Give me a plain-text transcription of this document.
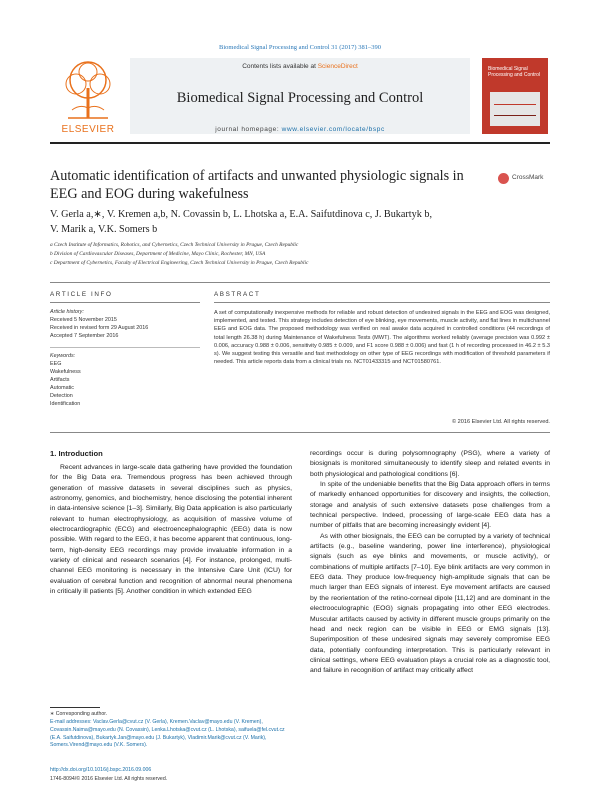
Biomedical Signal Processing and Control 31 (2017) 381–390
ELSEVIER
Contents lists available at ScienceDirect
Biomedical Signal Processing and Control
journal homepage: www.elsevier.com/locate/bspc
Biomedical Signal Processing and Control
Automatic identification of artifacts and unwanted physiologic signals in EEG and EOG during wakefulness
CrossMark
V. Gerla a,∗, V. Kremen a,b, N. Covassin b, L. Lhotska a, E.A. Saifutdinova c, J. Bukartyk b,
V. Marik a, V.K. Somers b
a Czech Institute of Informatics, Robotics, and Cybernetics, Czech Technical University in Prague, Czech Republic
b Division of Cardiovascular Diseases, Department of Medicine, Mayo Clinic, Rochester, MN, USA
c Department of Cybernetics, Faculty of Electrical Engineering, Czech Technical University in Prague, Czech Republic
ARTICLE INFO	ABSTRACT
Article history:
Received 5 November 2015
Received in revised form 29 August 2016
Accepted 7 September 2016
Keywords:
EEG
Wakefulness
Artifacts
Automatic
Detection
Identification
A set of computationally inexpensive methods for reliable and robust detection of undesired signals in the EEG and EOG was designed, implemented, and tested. This strategy includes detection of eye blinking, eye movements, muscle activity, and flat lines in multichannel EEG and EOG data. The proposed methodology was verified on real awake data acquired in controlled conditions (44 recordings of total length 26.38 h) during Maintenance of Wakefulness Tests (MWT). The algorithms worked reliably (average precision was 0.992 ± 0.006, accuracy 0.988 ± 0.006, sensitivity 0.985 ± 0.009, and F1 score 0.988 ± 0.006) and fast (1 h of recording processed in 46.2 ± 5.3 s). We suggest testing this versatile and fast methodology on other type of EEG recordings with modification of threshold parameters if needed. This article reports data from a clinical trials no. NCT01433315 and NCT01580761.
© 2016 Elsevier Ltd. All rights reserved.
1. Introduction

Recent advances in large-scale data gathering have provided the foundation for the Big Data era. Tremendous progress has been achieved through generation of massive datasets in several disciplines such as physics, astronomy, genomics, and biochemistry, hence disclosing the potential inherent in data-intensive science [1–3]. Similarly, Big Data application is also particularly relevant to human electrophysiology, as acquisition of massive volume of electrocardiographic (ECG) and electroencephalographic (EEG) data is now possible. With regard to the EEG, it has become apparent that continuous, long-term, high-density EEG recordings may provide invaluable information in a variety of clinical and research scenarios [4]. For instance, prolonged, multi-channel EEG monitoring is necessary in the Intensive Care Unit (ICU) for evaluation of cerebral function and recognition of abnormal neural phenomena in critically ill patients [5]. Another condition in which extended EEG

recordings occur is during polysomnography (PSG), where a variety of biosignals is monitored simultaneously to identify sleep and related events in both physiological and pathological conditions [6].

In spite of the undeniable benefits that the Big Data approach offers in terms of markedly enhanced opportunities for discovery and insights, the collection, storage and analysis of such extensive datasets pose challenges from a technical perspective. Indeed, processing of large-scale EEG data has a number of pitfalls that are becoming increasingly evident [4].

As with other biosignals, the EEG can be corrupted by a variety of technical artifacts (e.g., baseline wandering, power line interference), physiological signals (such as eye blinks and movements, or muscle activity), or combinations of multiple artifacts [7–10]. Eye blink artifacts are very common in EEG data. They produce low-frequency high-amplitude signals that can be much larger than EEG signals of interest. Eye movement artifacts are caused by the reorientation of the retino-corneal dipole [11,12] and are dominant in the electrooculographic (EOG) signals propagating into other EEG electrodes. Muscular artifacts caused by activity in different muscle groups primarily on the head and neck region can be visible in EEG or EMG signals [13]. Superimposition of these undesired signals may severely compromise EEG data, potentially confounding interpretation. This is particularly relevant in clinical settings, where EEG evaluation plays a crucial role as a diagnostic tool, and failure in recognition of artifact may critically affect

∗ Corresponding author.
E-mail addresses: Vaclav.Gerla@cvut.cz (V. Gerla), Kremen.Vaclav@mayo.edu (V. Kremen), Covassin.Naima@mayo.edu (N. Covassin), Lenka.Lhotska@cvut.cz (L. Lhotska), saifuela@fel.cvut.cz (E.A. Saifutdinova), Bukartyk.Jan@mayo.edu (J. Bukartyk), Vladimir.Marik@cvut.cz (V. Marik), Somers.Virend@mayo.edu (V.K. Somers).
http://dx.doi.org/10.1016/j.bspc.2016.09.006
1746-8094/© 2016 Elsevier Ltd. All rights reserved.
